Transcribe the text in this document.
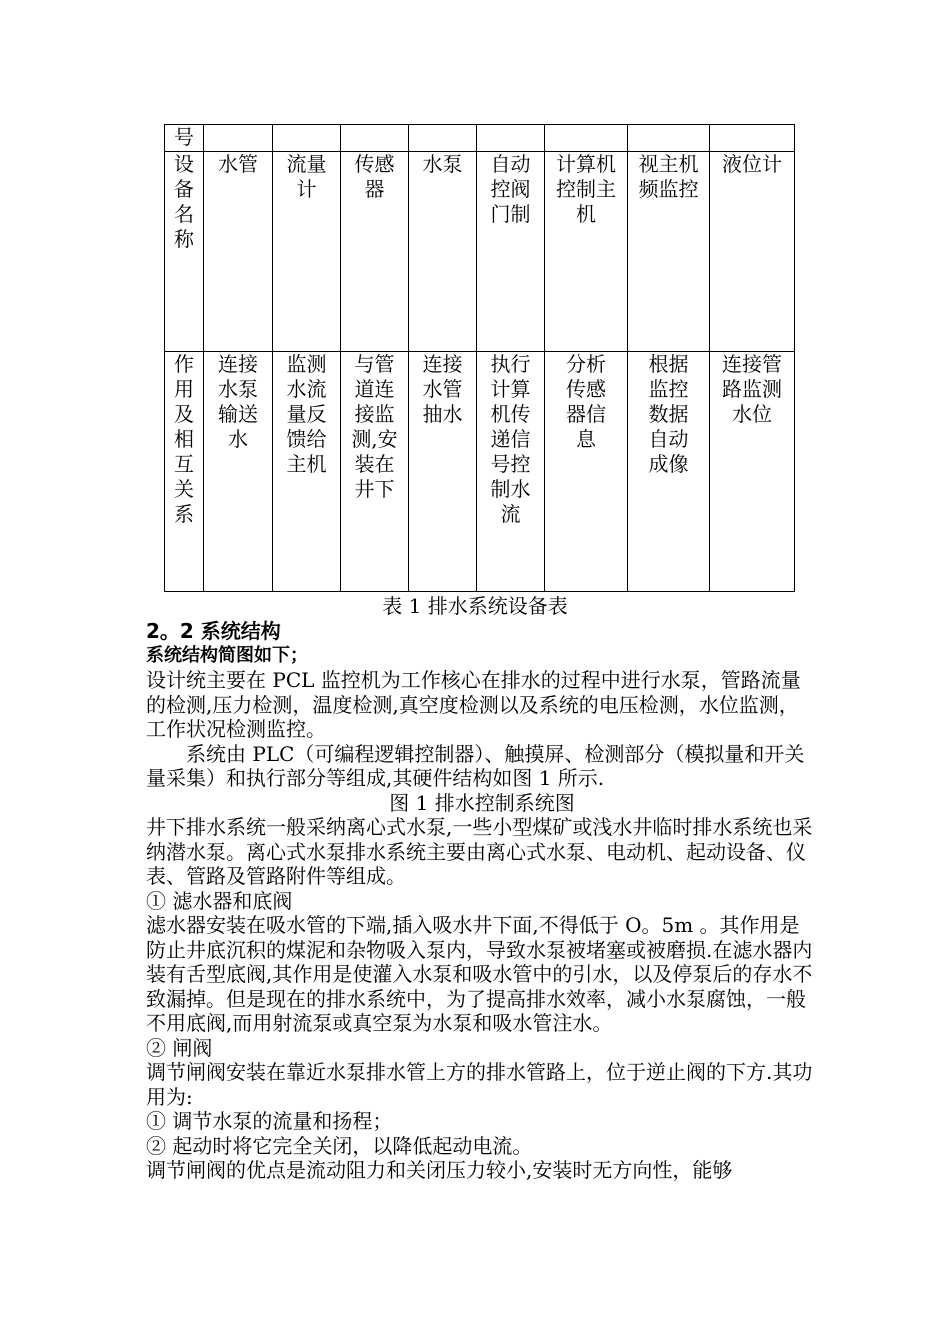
号								
设备名称	水管	流量计	传感器	水泵	自动控阀门制	计算机控制主机	视主机频监控	液位计

作用及相互关系	连接水泵输送水	监测水流量反馈给主机	与管道连接监测,安装在井下	连接水管抽水	执行计算机传递信号控制水流	分析传感器信息	根据监控数据自动成像	连接管路监测水位
表 1 排水系统设备表
2。2 系统结构
系统结构简图如下；

设计统主要在 PCL 监控机为工作核心在排水的过程中进行水泵，管路流量的检测,压力检测，温度检测,真空度检测以及系统的电压检测，水位监测，工作状况检测监控。

系统由 PLC（可编程逻辑控制器）、触摸屏、检测部分（模拟量和开关量采集）和执行部分等组成,其硬件结构如图 1 所示.

图 1 排水控制系统图

井下排水系统一般采纳离心式水泵,一些小型煤矿或浅水井临时排水系统也采纳潜水泵。离心式水泵排水系统主要由离心式水泵、电动机、起动设备、仪表、管路及管路附件等组成。

① 滤水器和底阀

滤水器安装在吸水管的下端,插入吸水井下面,不得低于 O。5m 。其作用是防止井底沉积的煤泥和杂物吸入泵内，导致水泵被堵塞或被磨损.在滤水器内装有舌型底阀,其作用是使灌入水泵和吸水管中的引水，以及停泵后的存水不致漏掉。但是现在的排水系统中，为了提高排水效率，减小水泵腐蚀，一般不用底阀,而用射流泵或真空泵为水泵和吸水管注水。

② 闸阀

调节闸阀安装在靠近水泵排水管上方的排水管路上，位于逆止阀的下方.其功用为:

① 调节水泵的流量和扬程；

② 起动时将它完全关闭，以降低起动电流。

调节闸阀的优点是流动阻力和关闭压力较小,安装时无方向性，能够
